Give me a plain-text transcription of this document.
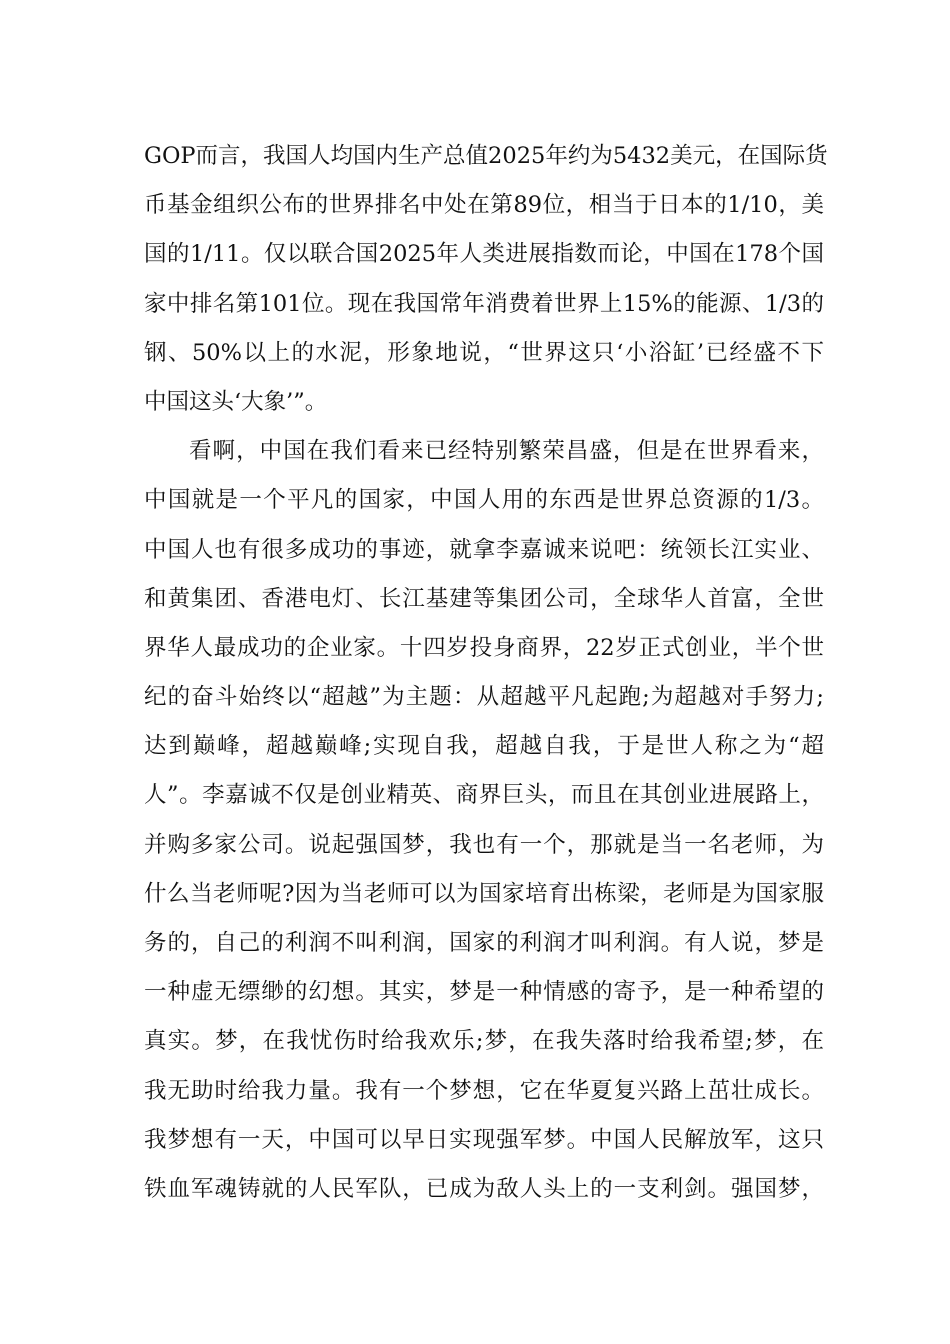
GOP而言，我国人均国内生产总值2025年约为5432美元，在国际货
币基金组织公布的世界排名中处在第89位，相当于日本的1/10，美
国的1/11。仅以联合国2025年人类进展指数而论，中国在178个国
家中排名第101位。现在我国常年消费着世界上15%的能源、1/3的
钢、50%以上的水泥，形象地说，“世界这只‘小浴缸’已经盛不下
中国这头‘大象’”。
看啊，中国在我们看来已经特别繁荣昌盛，但是在世界看来，
中国就是一个平凡的国家，中国人用的东西是世界总资源的1/3。
中国人也有很多成功的事迹，就拿李嘉诚来说吧：统领长江实业、
和黄集团、香港电灯、长江基建等集团公司，全球华人首富，全世
界华人最成功的企业家。十四岁投身商界，22岁正式创业，半个世
纪的奋斗始终以“超越”为主题：从超越平凡起跑;为超越对手努力;
达到巅峰，超越巅峰;实现自我，超越自我，于是世人称之为“超
人”。李嘉诚不仅是创业精英、商界巨头，而且在其创业进展路上，
并购多家公司。说起强国梦，我也有一个，那就是当一名老师，为
什么当老师呢?因为当老师可以为国家培育出栋梁，老师是为国家服
务的，自己的利润不叫利润，国家的利润才叫利润。有人说，梦是
一种虚无缥缈的幻想。其实，梦是一种情感的寄予，是一种希望的
真实。梦，在我忧伤时给我欢乐;梦，在我失落时给我希望;梦，在
我无助时给我力量。我有一个梦想，它在华夏复兴路上茁壮成长。
我梦想有一天，中国可以早日实现强军梦。中国人民解放军，这只
铁血军魂铸就的人民军队，已成为敌人头上的一支利剑。强国梦，
